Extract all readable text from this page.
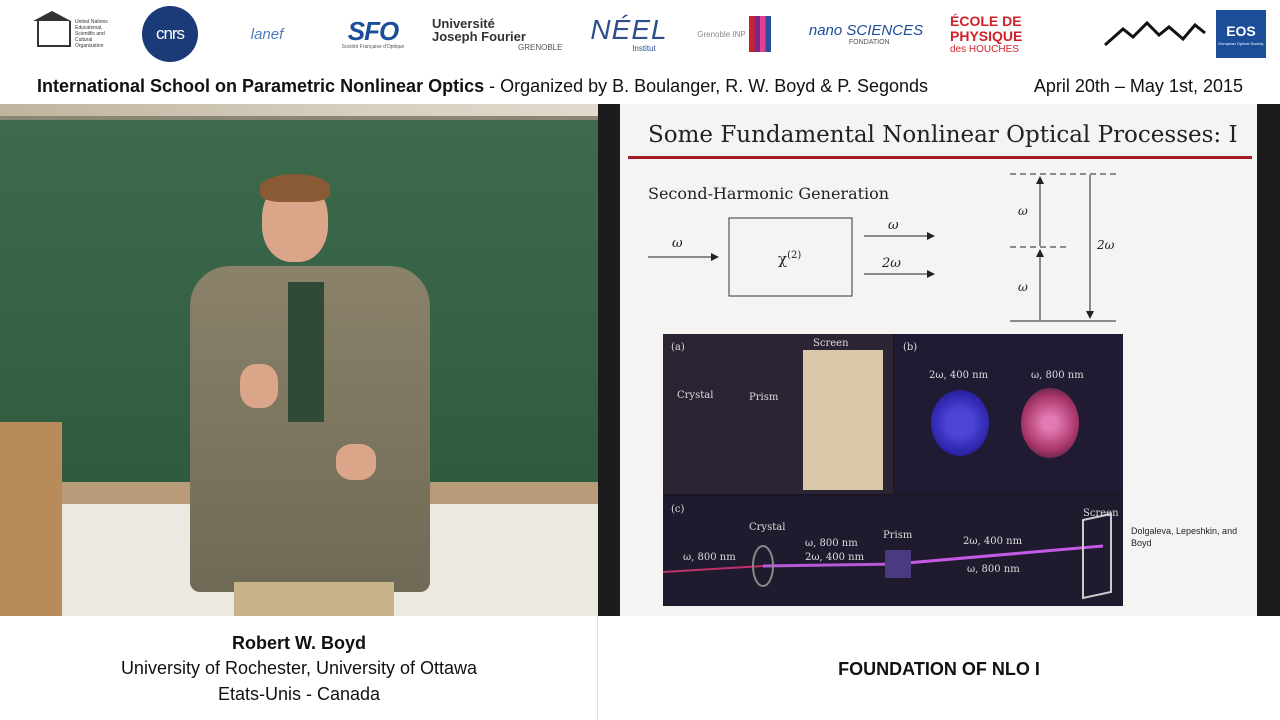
United Nations Educational, Scientific and Cultural Organization
cnrs	lanef SFO
Société Française d'Optique
Université
Joseph Fourier
GRENOBLE
NÉEL
Institut
Grenoble INP	nano SCIENCES
FONDATION
ÉCOLE DE PHYSIQUE
des HOUCHES
EOS
European Optical Society
International School on Parametric Nonlinear Optics - Organized by B. Boulanger, R. W. Boyd & P. Segonds	April 20th – May 1st, 2015
Some Fundamental Nonlinear Optical Processes: I
Second-Harmonic Generation
ω
$\chi^{(2)}$
ω
2ω
ω
ω
2ω
(a)	Screen
Crystal	Prism
(b)
2ω, 400 nm	ω, 800 nm
(c)
ω, 800 nm
Crystal
ω, 800 nm
2ω, 400 nm
Prism
2ω, 400 nm
ω, 800 nm
Screen
Dolgaleva, Lepeshkin, and Boyd
Robert W. Boyd
University of Rochester, University of Ottawa
Etats-Unis - Canada
FOUNDATION OF NLO I
